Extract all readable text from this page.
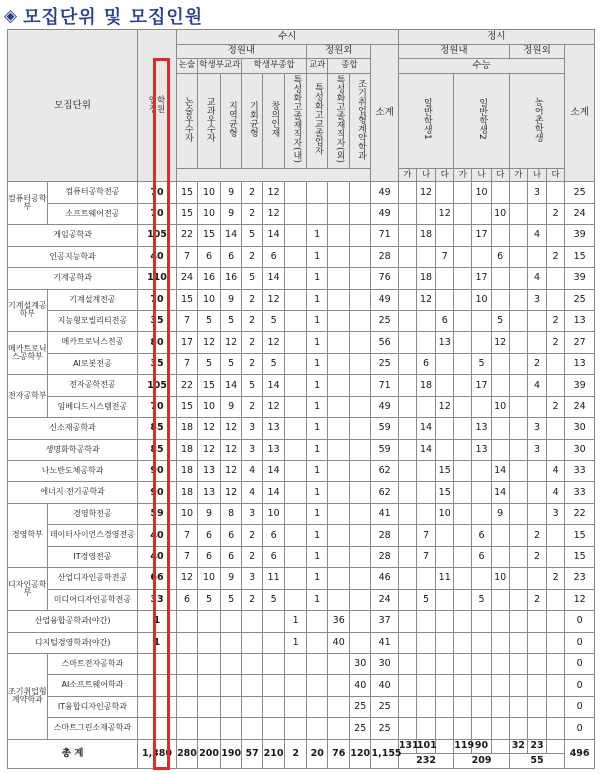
◈ 모집단위 및 모집인원
모집단위		입학정원	수시										정시									
			정원내						정원외			소계	정원내						정원외			소계
			논술	학생부교과		학생부종합			교과	종합			수능									
			논술우수자	교과우수자	지역균형	기회균형	창의인재	특성화고졸재직자(내)	특성화고교졸업자	특성화고졸재직자(외)	조기취업형계약학과		일반학생1			일반학생2			농어촌학생			
													가	나	다	가	나	다	가	나	다	
컴퓨터공학부	컴퓨터공학전공	70	15	10	9	2	12					49		12			10			3		25
	소프트웨어전공	70	15	10	9	2	12					49			12			10			2	24
게임공학과		105	22	15	14	5	14		1			71		18			17			4		39
인공지능학과		40	7	6	6	2	6		1			28			7			6			2	15
기계공학과		110	24	16	16	5	14		1			76		18			17			4		39
기계설계공학부	기계설계전공	70	15	10	9	2	12		1			49		12			10			3		25
	지능형모빌리티전공	35	7	5	5	2	5		1			25			6			5			2	13
메카트로닉스공학부	메카트로닉스전공	80	17	12	12	2	12		1			56			13			12			2	27
	AI로봇전공	35	7	5	5	2	5		1			25		6			5			2		13
전자공학부	전자공학전공	105	22	15	14	5	14		1			71		18			17			4		39
	임베디드시스템전공	70	15	10	9	2	12		1			49			12			10			2	24
신소재공학과		85	18	12	12	3	13		1			59		14			13			3		30
생명화학공학과		85	18	12	12	3	13		1			59		14			13			3		30
나노반도체공학과		90	18	13	12	4	14		1			62			15			14			4	33
에너지·전기공학과		90	18	13	12	4	14		1			62			15			14			4	33
경영학부	경영학전공	59	10	9	8	3	10		1			41			10			9			3	22
	데이터사이언스경영전공	40	7	6	6	2	6		1			28		7			6			2		15
	IT경영전공	40	7	6	6	2	6		1			28		7			6			2		15
디자인공학부	산업디자인공학전공	66	12	10	9	3	11		1			46			11			10			2	23
	미디어디자인공학전공	33	6	5	5	2	5		1			24		5			5			2		12
산업융합공학과(야간)		1						1		36		37										0
디지털경영학과(야간)		1						1		40		41										0
조기취업형계약학과	스마트전자공학과										30	30										0
	AI소프트웨어학과										40	40										0
	IT융합디자인공학과										25	25										0
	스마트그린소재공학과										25	25										0
총 계		1,380	280	200	190	57	210	2	20	76	120	1,155	131	101		119	90		32	23		496
													232			209			55			
